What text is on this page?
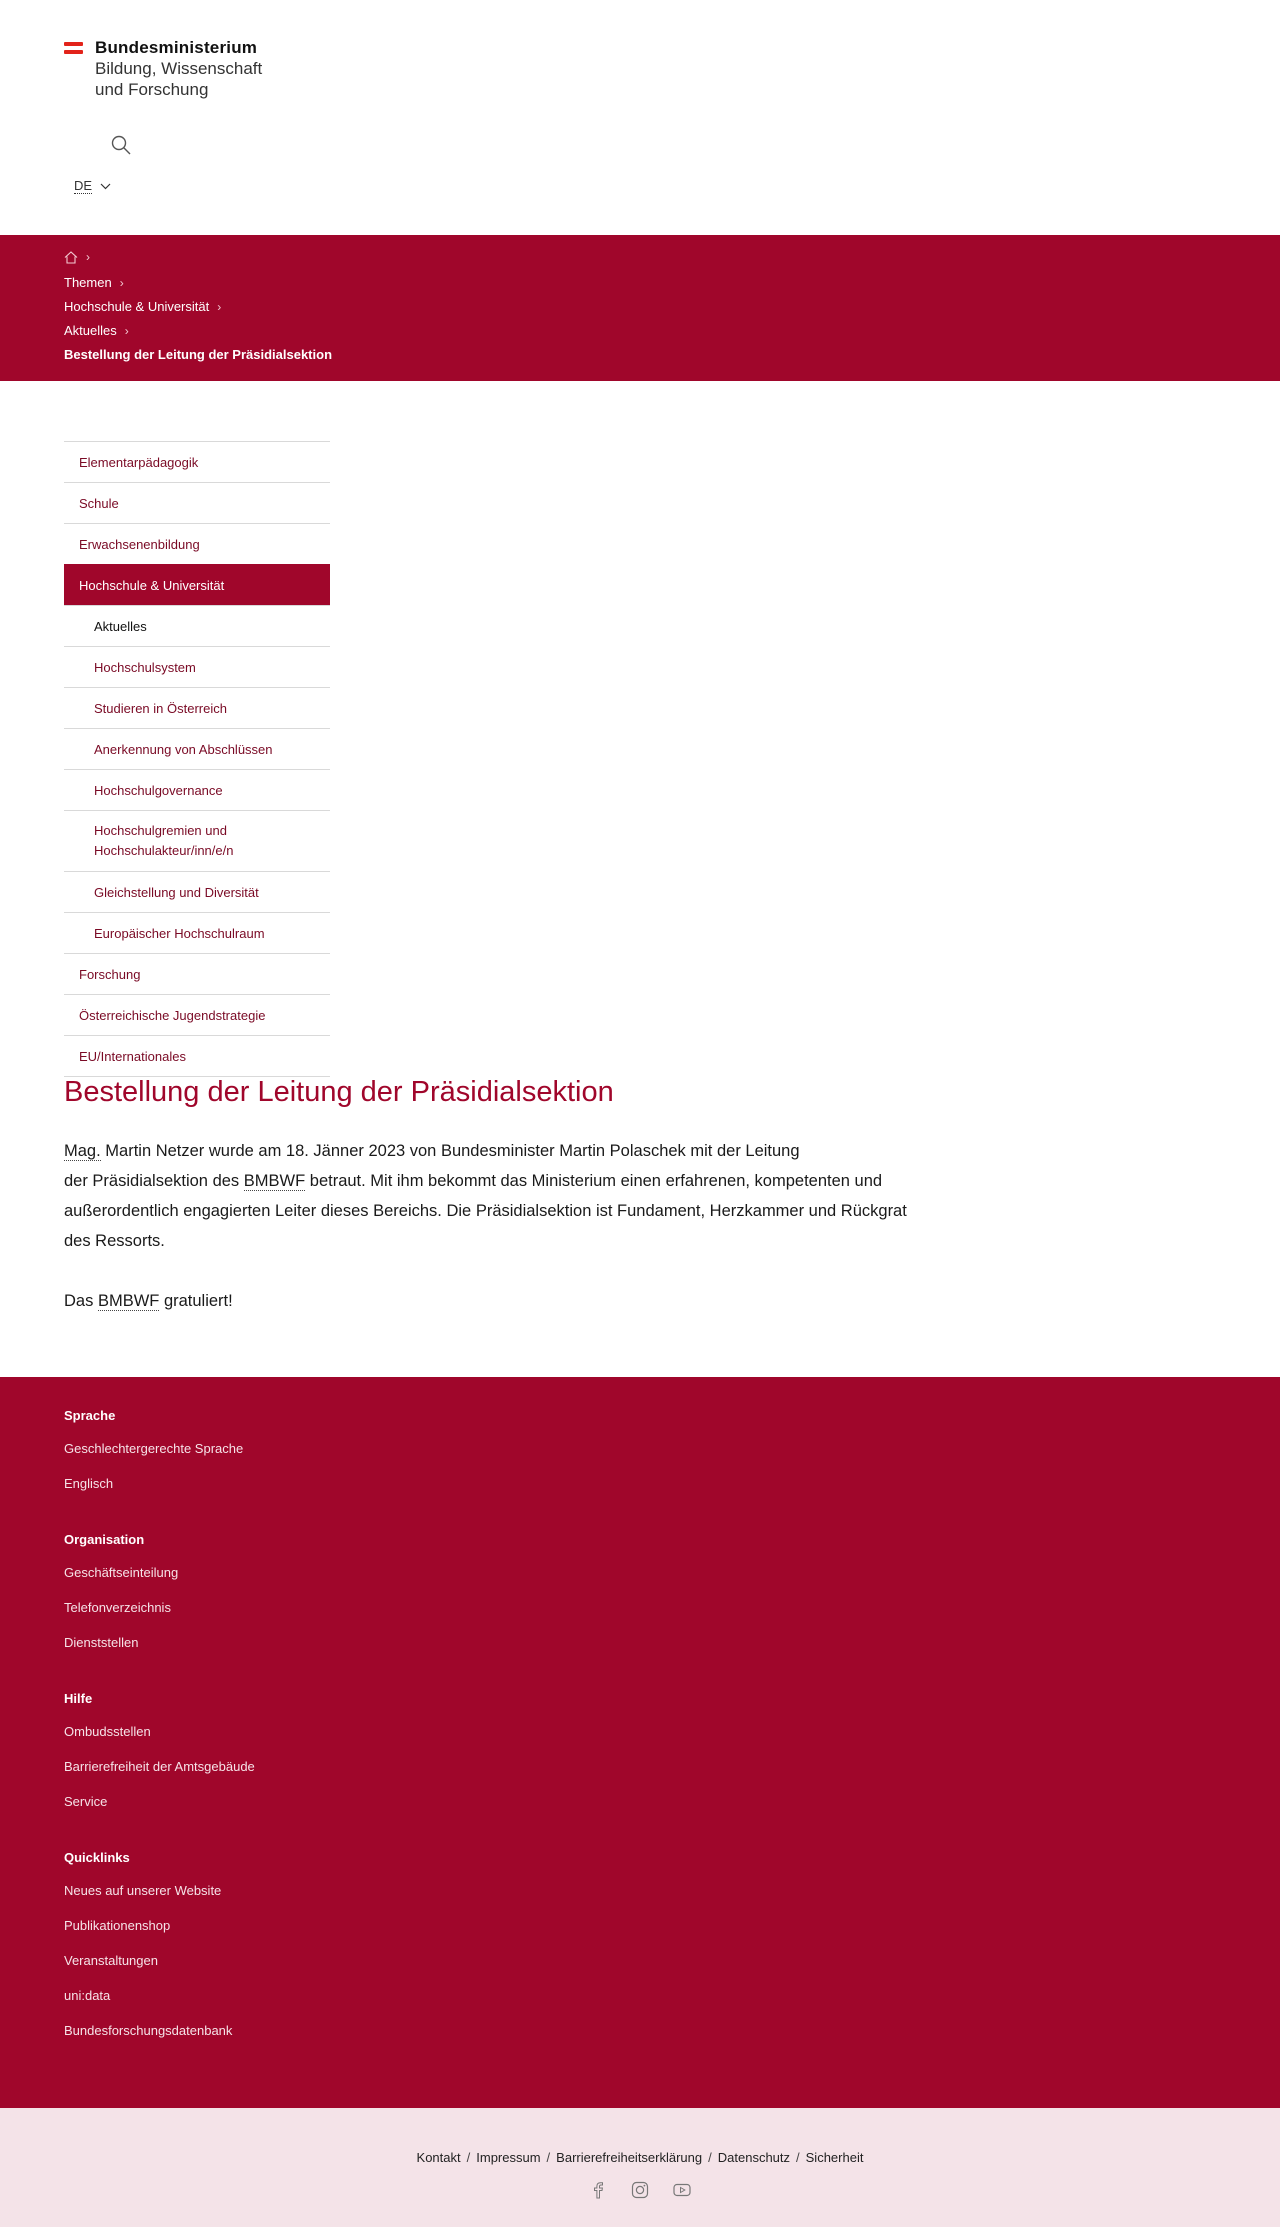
Bundesministerium
Bildung, Wissenschaft
und Forschung
DE
›
Themen ›
Hochschule & Universität ›
Aktuelles ›
Bestellung der Leitung der Präsidialsektion
Elementarpädagogik
Schule
Erwachsenenbildung
Hochschule & Universität
Aktuelles
Hochschulsystem
Studieren in Österreich
Anerkennung von Abschlüssen
Hochschulgovernance
Hochschulgremien und
Hochschulakteur/inn/e/n
Gleichstellung und Diversität
Europäischer Hochschulraum
Forschung
Österreichische Jugendstrategie
EU/Internationales
Bestellung der Leitung der Präsidialsektion
Mag. Martin Netzer wurde am 18. Jänner 2023 von Bundesminister Martin Polaschek mit der Leitung
der Präsidialsektion des BMBWF betraut. Mit ihm bekommt das Ministerium einen erfahrenen, kompetenten und
außerordentlich engagierten Leiter dieses Bereichs. Die Präsidialsektion ist Fundament, Herzkammer und Rückgrat
des Ressorts.
Das BMBWF gratuliert!
Sprache
Geschlechtergerechte Sprache
Englisch
Organisation
Geschäftseinteilung
Telefonverzeichnis
Dienststellen
Hilfe
Ombudsstellen
Barrierefreiheit der Amtsgebäude
Service
Quicklinks
Neues auf unserer Website
Publikationenshop
Veranstaltungen
uni:data
Bundesforschungsdatenbank
Kontakt / Impressum / Barrierefreiheitserklärung / Datenschutz / Sicherheit
